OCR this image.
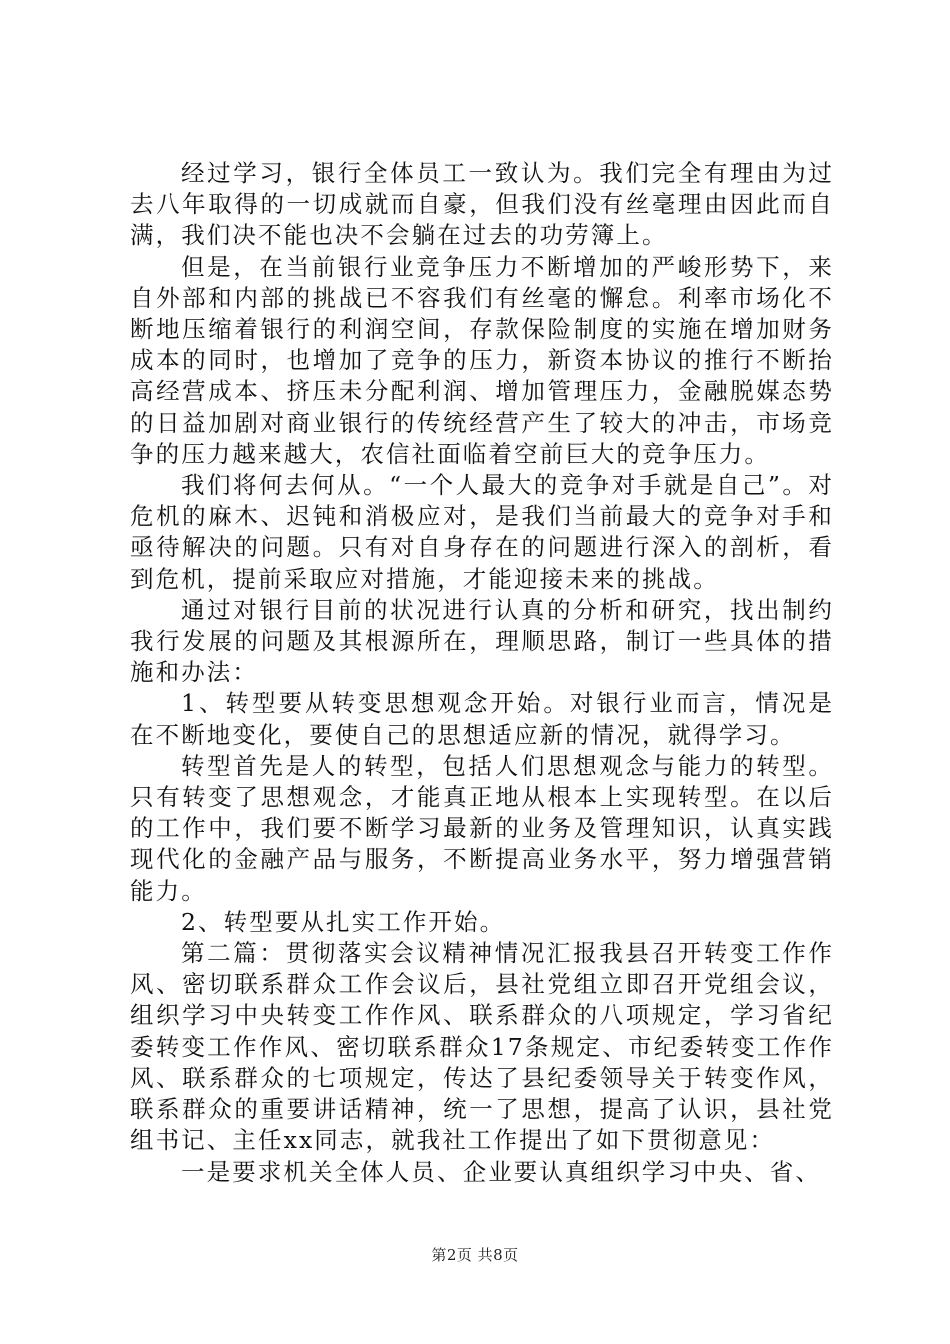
经过学习，银行全体员工一致认为。我们完全有理由为过去八年取得的一切成就而自豪，但我们没有丝毫理由因此而自满，我们决不能也决不会躺在过去的功劳簿上。

但是，在当前银行业竞争压力不断增加的严峻形势下，来自外部和内部的挑战已不容我们有丝毫的懈怠。利率市场化不断地压缩着银行的利润空间，存款保险制度的实施在增加财务成本的同时，也增加了竞争的压力，新资本协议的推行不断抬高经营成本、挤压未分配利润、增加管理压力，金融脱媒态势的日益加剧对商业银行的传统经营产生了较大的冲击，市场竞争的压力越来越大，农信社面临着空前巨大的竞争压力。

我们将何去何从。“一个人最大的竞争对手就是自己”。对危机的麻木、迟钝和消极应对，是我们当前最大的竞争对手和亟待解决的问题。只有对自身存在的问题进行深入的剖析，看到危机，提前采取应对措施，才能迎接未来的挑战。

通过对银行目前的状况进行认真的分析和研究，找出制约我行发展的问题及其根源所在，理顺思路，制订一些具体的措施和办法：

1、转型要从转变思想观念开始。对银行业而言，情况是在不断地变化，要使自己的思想适应新的情况，就得学习。

转型首先是人的转型，包括人们思想观念与能力的转型。只有转变了思想观念，才能真正地从根本上实现转型。在以后的工作中，我们要不断学习最新的业务及管理知识，认真实践现代化的金融产品与服务，不断提高业务水平，努力增强营销能力。

2、转型要从扎实工作开始。

第二篇：贯彻落实会议精神情况汇报我县召开转变工作作风、密切联系群众工作会议后，县社党组立即召开党组会议，组织学习中央转变工作作风、联系群众的八项规定，学习省纪委转变工作作风、密切联系群众17条规定、市纪委转变工作作风、联系群众的七项规定，传达了县纪委领导关于转变作风，联系群众的重要讲话精神，统一了思想，提高了认识，县社党组书记、主任xx同志，就我社工作提出了如下贯彻意见：

一是要求机关全体人员、企业要认真组织学习中央、省、

第2页 共8页
